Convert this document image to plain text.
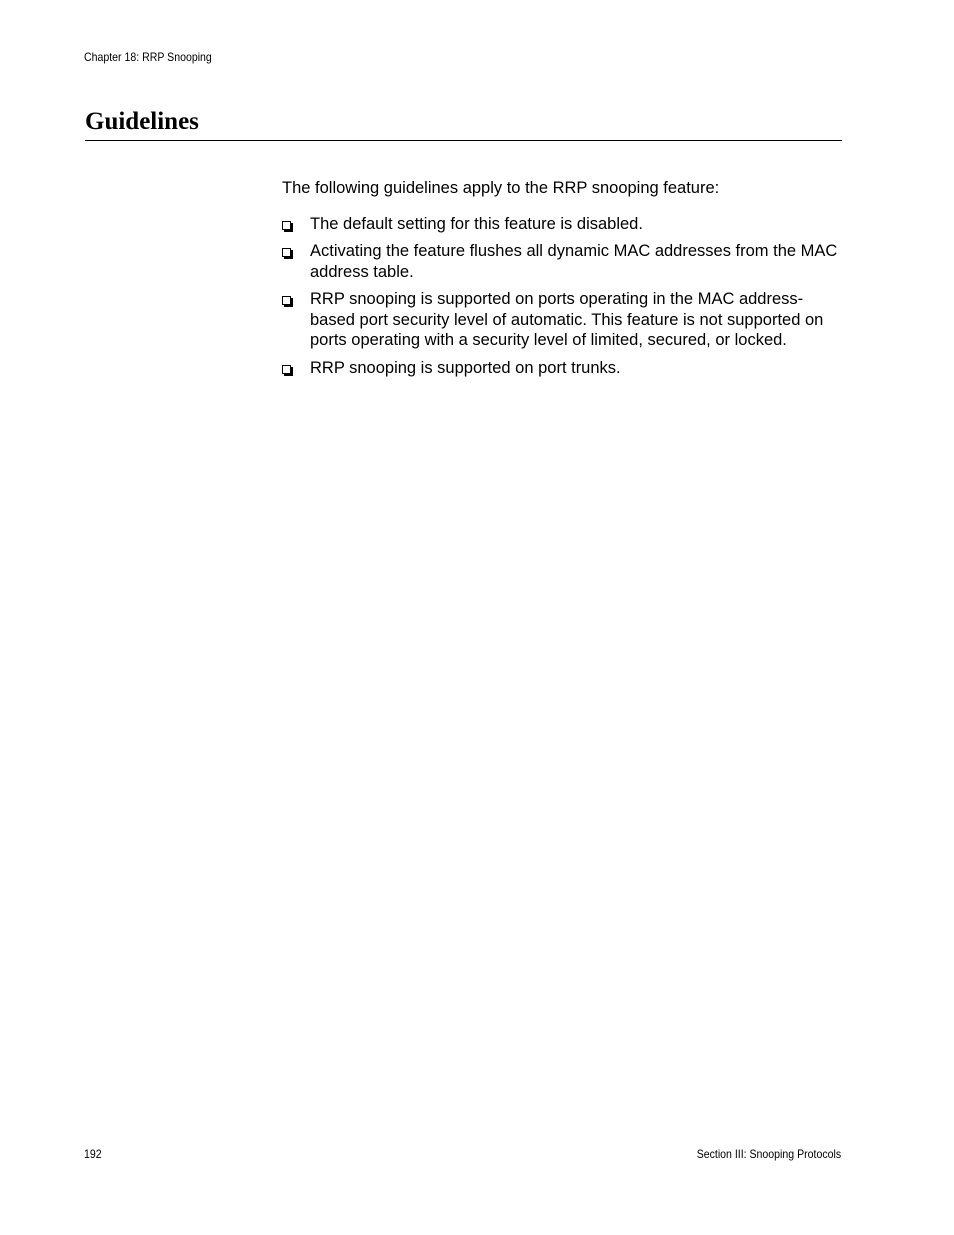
Chapter 18: RRP Snooping
Guidelines

The following guidelines apply to the RRP snooping feature:

The default setting for this feature is disabled.
Activating the feature flushes all dynamic MAC addresses from the MAC address table.
RRP snooping is supported on ports operating in the MAC address-based port security level of automatic. This feature is not supported on ports operating with a security level of limited, secured, or locked.
RRP snooping is supported on port trunks.
192	Section III: Snooping Protocols
